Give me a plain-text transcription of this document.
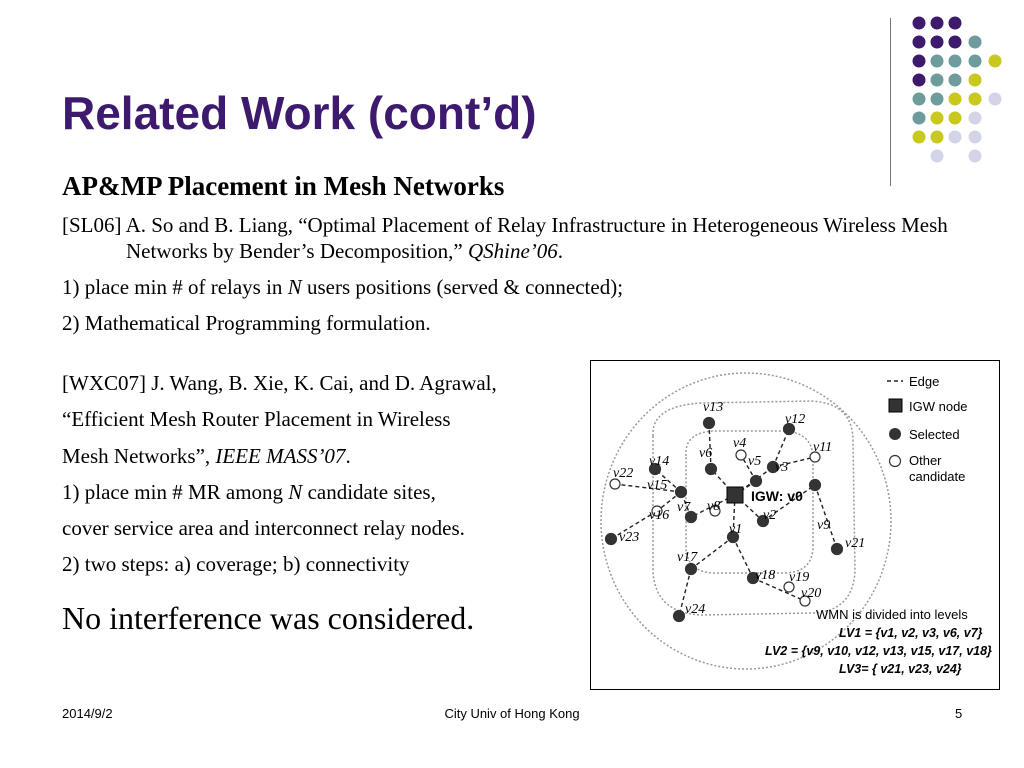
Related Work (cont’d)
AP&MP Placement in Mesh Networks
[SL06] A. So and B. Liang, “Optimal Placement of Relay Infrastructure in Heterogeneous Wireless Mesh Networks by Bender’s Decomposition,” QShine’06.
1) place min # of relays in N users positions (served & connected);
2) Mathematical Programming formulation.
[WXC07] J. Wang, B. Xie, K. Cai, and D. Agrawal,
“Efficient Mesh Router Placement in Wireless
Mesh Networks”, IEEE MASS’07.
1) place min # MR among N candidate sites,
cover service area and interconnect relay nodes.
2) two steps: a) coverage; b) connectivity
No interference was considered.
v13
v12
v4	v11
v14
v6
v5 v3
v22
v15
v7 v8
v2
v9
v1
v16
v21
v23
v17
v18 v19
v20
v24
IGW: v0
Edge
IGW node
Selected
Other
candidate
WMN is divided into levels
LV1 = {v1, v2, v3, v6, v7}
LV2 = {v9, v10, v12, v13, v15, v17, v18}
LV3= { v21, v23, v24}
2014/9/2	City Univ of Hong Kong	5
